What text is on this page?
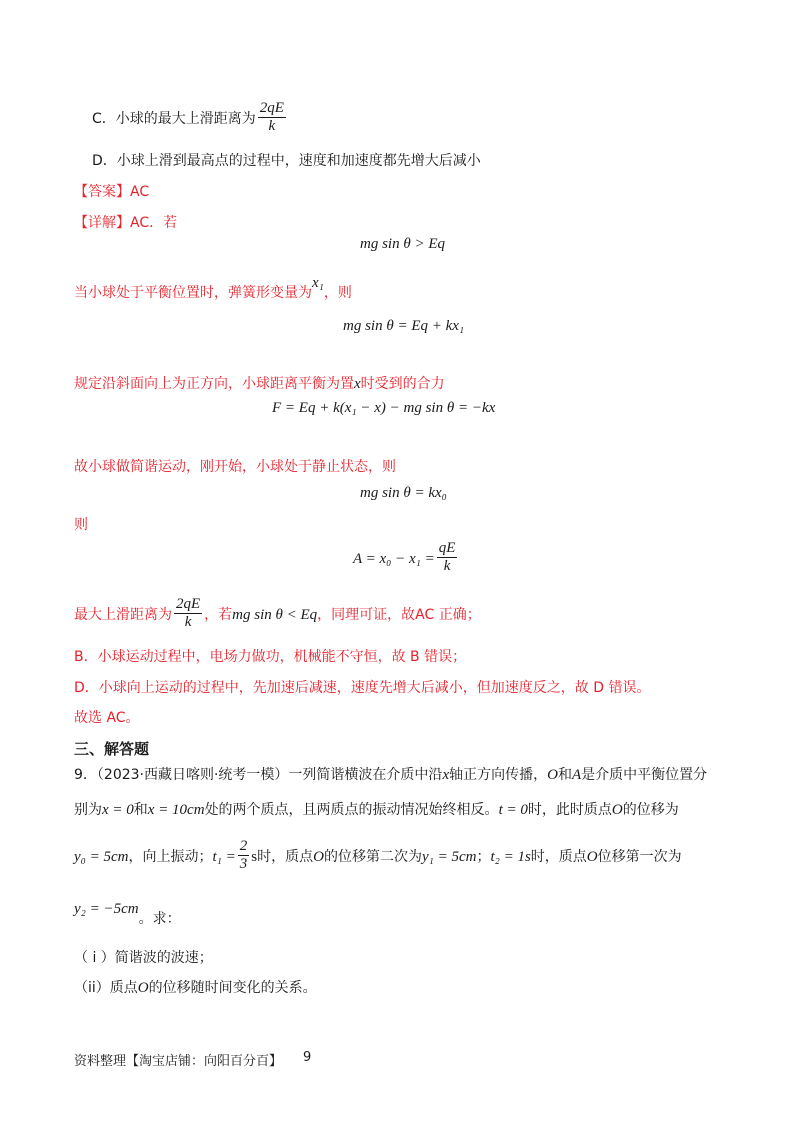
C．小球的最大上滑距离为 $\frac{2qE}{k}$
D．小球上滑到最高点的过程中，速度和加速度都先增大后减小
【答案】AC
【详解】AC．若
mg sin θ > Eq
当小球处于平衡位置时，弹簧形变量为x₁，则
mg sin θ = Eq + kx₁
规定沿斜面向上为正方向，小球距离平衡为置x时受到的合力
F = Eq + k(x₁ − x) − mg sin θ = −kx
故小球做简谐运动，刚开始，小球处于静止状态，则
mg sin θ = kx₀
则
$A = x_0 - x_1 = \frac{qE}{k}$
最大上滑距离为 $\frac{2qE}{k}$ ，若mg sin θ < Eq，同理可证，故AC 正确；
B．小球运动过程中，电场力做功，机械能不守恒，故 B 错误；
D．小球向上运动的过程中，先加速后减速，速度先增大后减小，但加速度反之，故 D 错误。
故选 AC。
三、解答题
9．（2023·西藏日喀则·统考一模）一列简谐横波在介质中沿x轴正方向传播，O和A是介质中平衡位置分
别为x = 0和x = 10cm处的两个质点，且两质点的振动情况始终相反。t = 0时，此时质点O的位移为
y₀ = 5cm，向上振动；$t_1 = \frac{2}{3}$ s时，质点O的位移第二次为y₁ = 5cm；t₂ = 1s时，质点O位移第一次为
y₂ = −5cm。求：
（ i ）简谐波的波速；
（ii）质点O的位移随时间变化的关系。
资料整理【淘宝店铺：向阳百分百】 9
